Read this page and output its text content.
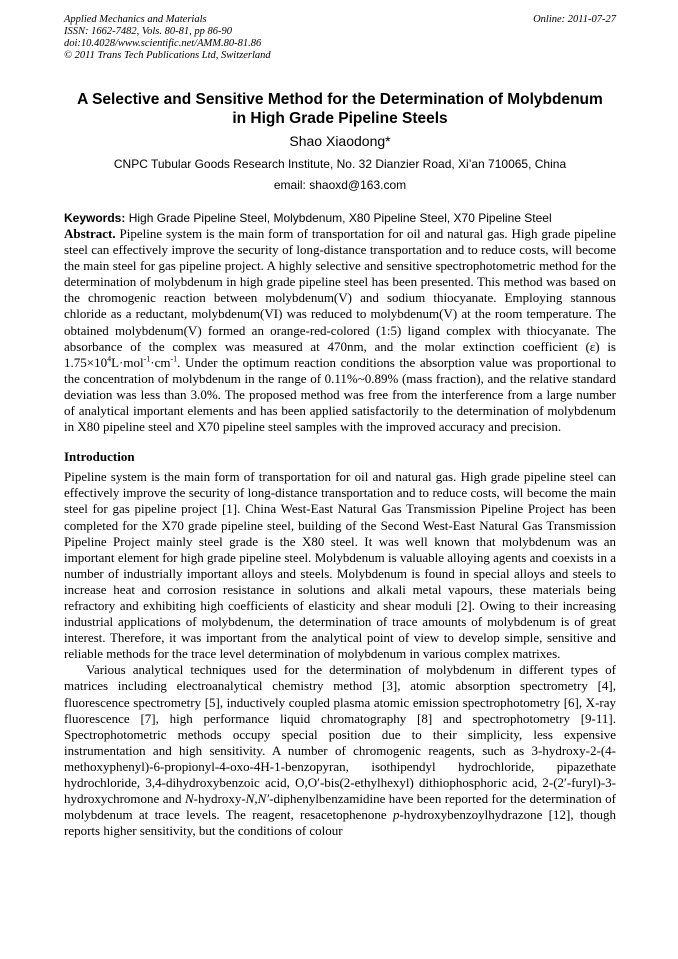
Applied Mechanics and Materials
ISSN: 1662-7482, Vols. 80-81, pp 86-90
doi:10.4028/www.scientific.net/AMM.80-81.86
© 2011 Trans Tech Publications Ltd, Switzerland
Online: 2011-07-27
A Selective and Sensitive Method for the Determination of Molybdenum
in High Grade Pipeline Steels
Shao Xiaodong*
CNPC Tubular Goods Research Institute, No. 32 Dianzier Road, Xi’an 710065, China
email: shaoxd@163.com
Keywords: High Grade Pipeline Steel, Molybdenum, X80 Pipeline Steel, X70 Pipeline Steel

Abstract. Pipeline system is the main form of transportation for oil and natural gas. High grade pipeline steel can effectively improve the security of long-distance transportation and to reduce costs, will become the main steel for gas pipeline project. A highly selective and sensitive spectrophotometric method for the determination of molybdenum in high grade pipeline steel has been presented. This method was based on the chromogenic reaction between molybdenum(V) and sodium thiocyanate. Employing stannous chloride as a reductant, molybdenum(VI) was reduced to molybdenum(V) at the room temperature. The obtained molybdenum(V) formed an orange-red-colored (1:5) ligand complex with thiocyanate. The absorbance of the complex was measured at 470nm, and the molar extinction coefficient (ε) is $1.75\times 10^4L\cdot mol^{-1}\cdot cm^{-1}$. Under the optimum reaction conditions the absorption value was proportional to the concentration of molybdenum in the range of 0.11%~0.89% (mass fraction), and the relative standard deviation was less than 3.0%. The proposed method was free from the interference from a large number of analytical important elements and has been applied satisfactorily to the determination of molybdenum in X80 pipeline steel and X70 pipeline steel samples with the improved accuracy and precision.

Introduction

Pipeline system is the main form of transportation for oil and natural gas. High grade pipeline steel can effectively improve the security of long-distance transportation and to reduce costs, will become the main steel for gas pipeline project [1]. China West-East Natural Gas Transmission Pipeline Project has been completed for the X70 grade pipeline steel, building of the Second West-East Natural Gas Transmission Pipeline Project mainly steel grade is the X80 steel. It was well known that molybdenum was an important element for high grade pipeline steel. Molybdenum is valuable alloying agents and coexists in a number of industrially important alloys and steels. Molybdenum is found in special alloys and steels to increase heat and corrosion resistance in solutions and alkali metal vapours, these materials being refractory and exhibiting high coefficients of elasticity and shear moduli [2]. Owing to their increasing industrial applications of molybdenum, the determination of trace amounts of molybdenum is of great interest. Therefore, it was important from the analytical point of view to develop simple, sensitive and reliable methods for the trace level determination of molybdenum in various complex matrixes.

Various analytical techniques used for the determination of molybdenum in different types of matrices including electroanalytical chemistry method [3], atomic absorption spectrometry [4], fluorescence spectrometry [5], inductively coupled plasma atomic emission spectrophotometry [6], X-ray fluorescence [7], high performance liquid chromatography [8] and spectrophotometry [9-11]. Spectrophotometric methods occupy special position due to their simplicity, less expensive instrumentation and high sensitivity. A number of chromogenic reagents, such as 3-hydroxy-2-(4-methoxyphenyl)-6-propionyl-4-oxo-4H-1-benzopyran, isothipendyl hydrochloride, pipazethate hydrochloride, 3,4-dihydroxybenzoic acid, O,O′-bis(2-ethylhexyl) dithiophosphoric acid, 2-(2′-furyl)-3-hydroxychromone and N-hydroxy-N,N′-diphenylbenzamidine have been reported for the determination of molybdenum at trace levels. The reagent, resacetophenone p-hydroxybenzoylhydrazone [12], though reports higher sensitivity, but the conditions of colour
